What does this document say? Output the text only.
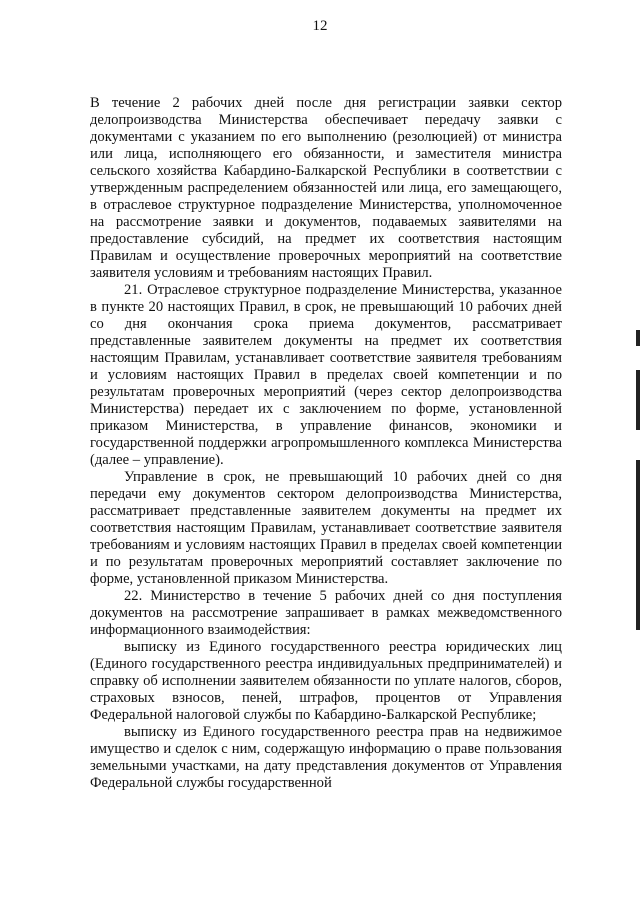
12

В течение 2 рабочих дней после дня регистрации заявки сектор делопроизводства Министерства обеспечивает передачу заявки с документами с указанием по его выполнению (резолюцией) от министра или лица, исполняющего его обязанности, и заместителя министра сельского хозяйства Кабардино-Балкарской Республики в соответствии с утвержденным распределением обязанностей или лица, его замещающего, в отраслевое структурное подразделение Министерства, уполномоченное на рассмотрение заявки и документов, подаваемых заявителями на предоставление субсидий, на предмет их соответствия настоящим Правилам и осуществление проверочных мероприятий на соответствие заявителя условиям и требованиям настоящих Правил.

21. Отраслевое структурное подразделение Министерства, указанное в пункте 20 настоящих Правил, в срок, не превышающий 10 рабочих дней со дня окончания срока приема документов, рассматривает представленные заявителем документы на предмет их соответствия настоящим Правилам, устанавливает соответствие заявителя требованиям и условиям настоящих Правил в пределах своей компетенции и по результатам проверочных мероприятий (через сектор делопроизводства Министерства) передает их с заключением по форме, установленной приказом Министерства, в управление финансов, экономики и государственной поддержки агропромышленного комплекса Министерства (далее – управление).

Управление в срок, не превышающий 10 рабочих дней со дня передачи ему документов сектором делопроизводства Министерства, рассматривает представленные заявителем документы на предмет их соответствия настоящим Правилам, устанавливает соответствие заявителя требованиям и условиям настоящих Правил в пределах своей компетенции и по результатам проверочных мероприятий составляет заключение по форме, установленной приказом Министерства.

22. Министерство в течение 5 рабочих дней со дня поступления документов на рассмотрение запрашивает в рамках межведомственного информационного взаимодействия:

выписку из Единого государственного реестра юридических лиц (Единого государственного реестра индивидуальных предпринимателей) и справку об исполнении заявителем обязанности по уплате налогов, сборов, страховых взносов, пеней, штрафов, процентов от Управления Федеральной налоговой службы по Кабардино-Балкарской Республике;

выписку из Единого государственного реестра прав на недвижимое имущество и сделок с ним, содержащую информацию о праве пользования земельными участками, на дату представления документов от Управления Федеральной службы государственной
